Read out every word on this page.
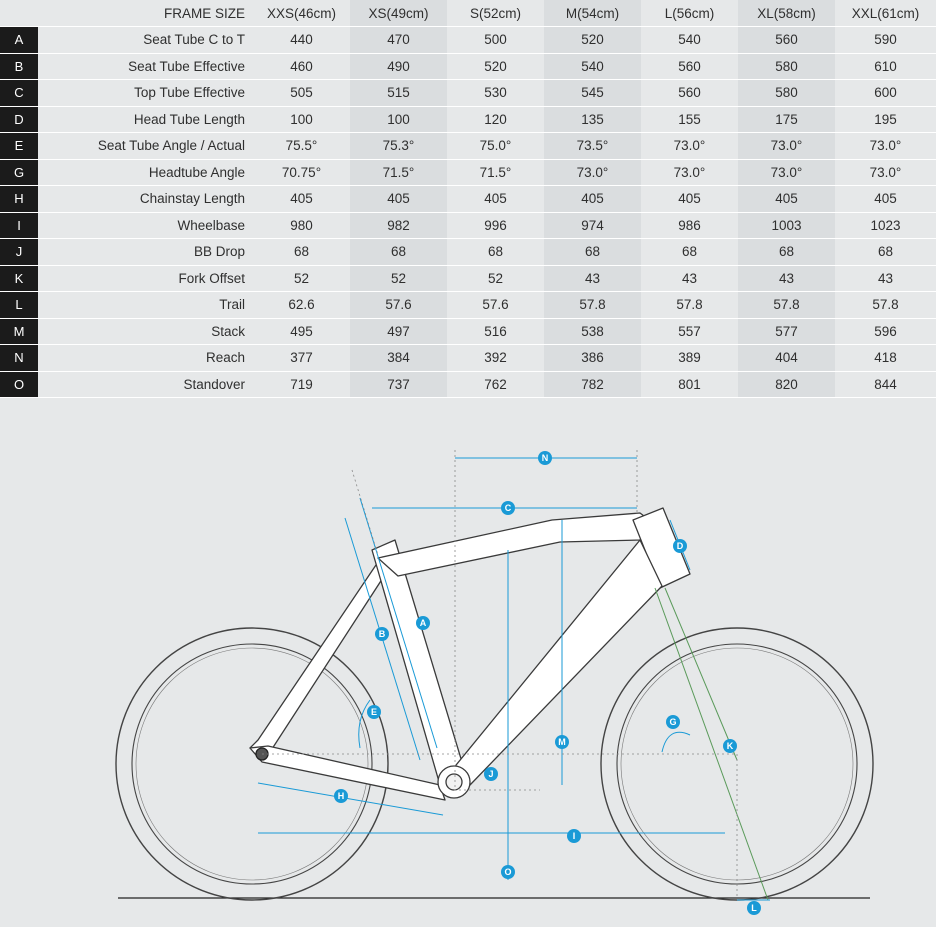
	FRAME SIZE	XXS(46cm)	XS(49cm)	S(52cm)	M(54cm)	L(56cm)	XL(58cm)	XXL(61cm)
A	Seat Tube C to T	440	470	500	520	540	560	590
B	Seat Tube Effective	460	490	520	540	560	580	610
C	Top Tube Effective	505	515	530	545	560	580	600
D	Head Tube Length	100	100	120	135	155	175	195
E	Seat Tube Angle / Actual	75.5°	75.3°	75.0°	73.5°	73.0°	73.0°	73.0°
G	Headtube Angle	70.75°	71.5°	71.5°	73.0°	73.0°	73.0°	73.0°
H	Chainstay Length	405	405	405	405	405	405	405
I	Wheelbase	980	982	996	974	986	1003	1023
J	BB Drop	68	68	68	68	68	68	68
K	Fork Offset	52	52	52	43	43	43	43
L	Trail	62.6	57.6	57.6	57.8	57.8	57.8	57.8
M	Stack	495	497	516	538	557	577	596
N	Reach	377	384	392	386	389	404	418
O	Standover	719	737	762	782	801	820	844
N
C
D
A
B
E
M
G
K
J
H
I
O
L
